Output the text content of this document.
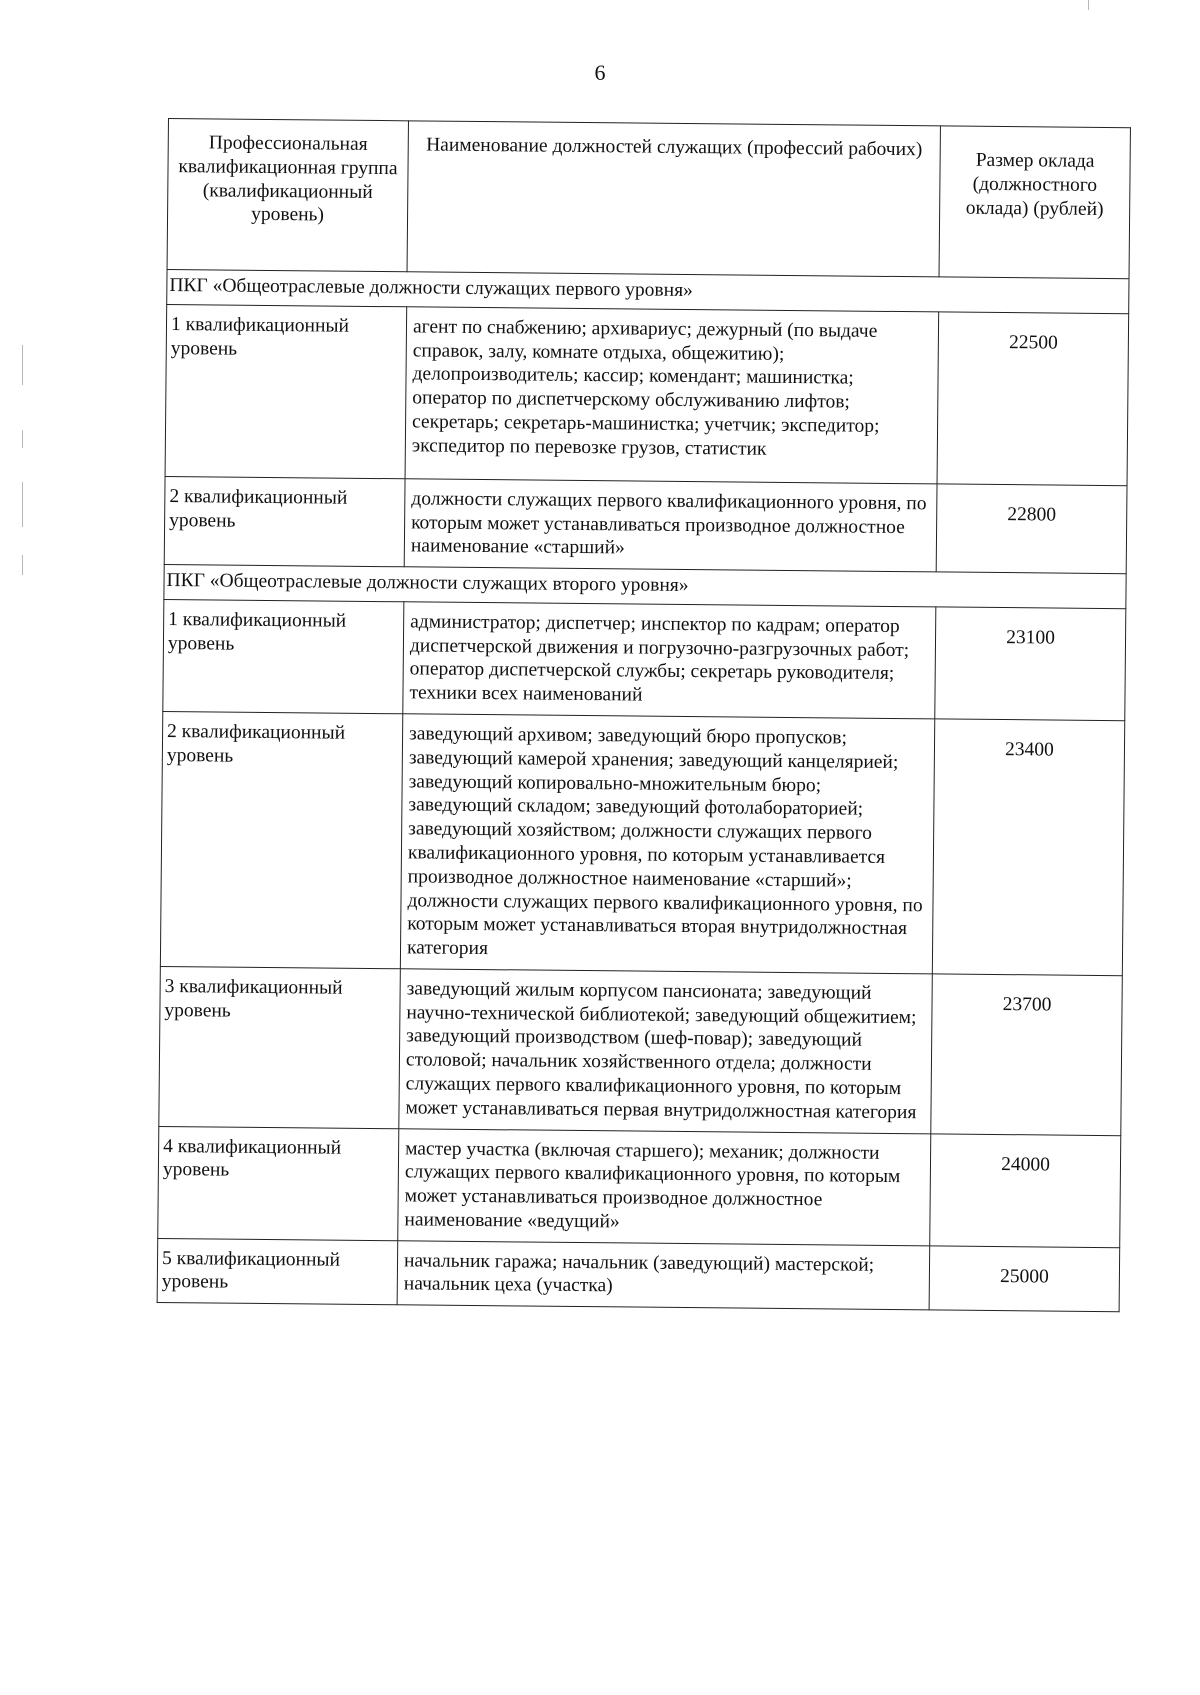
6
Профессиональная квалификационная группа (квалификационный уровень)	Наименование должностей служащих (профессий рабочих)	Размер оклада (должностного оклада) (рублей)
ПКГ «Общеотраслевые должности служащих первого уровня»		
1 квалификационный уровень	агент по снабжению; архивариус; дежурный (по выдаче справок, залу, комнате отдыха, общежитию); делопроизводитель; кассир; комендант; машинистка; оператор по диспетчерскому обслуживанию лифтов; секретарь; секретарь-машинистка; учетчик; экспедитор; экспедитор по перевозке грузов, статистик	22500
2 квалификационный уровень	должности служащих первого квалификационного уровня, по которым может устанавливаться производное должностное наименование «старший»	22800
ПКГ «Общеотраслевые должности служащих второго уровня»		
1 квалификационный уровень	администратор; диспетчер; инспектор по кадрам; оператор диспетчерской движения и погрузочно-разгрузочных работ; оператор диспетчерской службы; секретарь руководителя; техники всех наименований	23100
2 квалификационный уровень	заведующий архивом; заведующий бюро пропусков; заведующий камерой хранения; заведующий канцелярией; заведующий копировально-множительным бюро; заведующий складом; заведующий фотолабораторией; заведующий хозяйством; должности служащих первого квалификационного уровня, по которым устанавливается производное должностное наименование «старший»; должности служащих первого квалификационного уровня, по которым может устанавливаться вторая внутридолжностная категория	23400
3 квалификационный уровень	заведующий жилым корпусом пансионата; заведующий научно-технической библиотекой; заведующий общежитием; заведующий производством (шеф-повар); заведующий столовой; начальник хозяйственного отдела; должности служащих первого квалификационного уровня, по которым может устанавливаться первая внутридолжностная категория	23700
4 квалификационный уровень	мастер участка (включая старшего); механик; должности служащих первого квалификационного уровня, по которым может устанавливаться производное должностное наименование «ведущий»	24000
5 квалификационный уровень	начальник гаража; начальник (заведующий) мастерской; начальник цеха (участка)	25000
